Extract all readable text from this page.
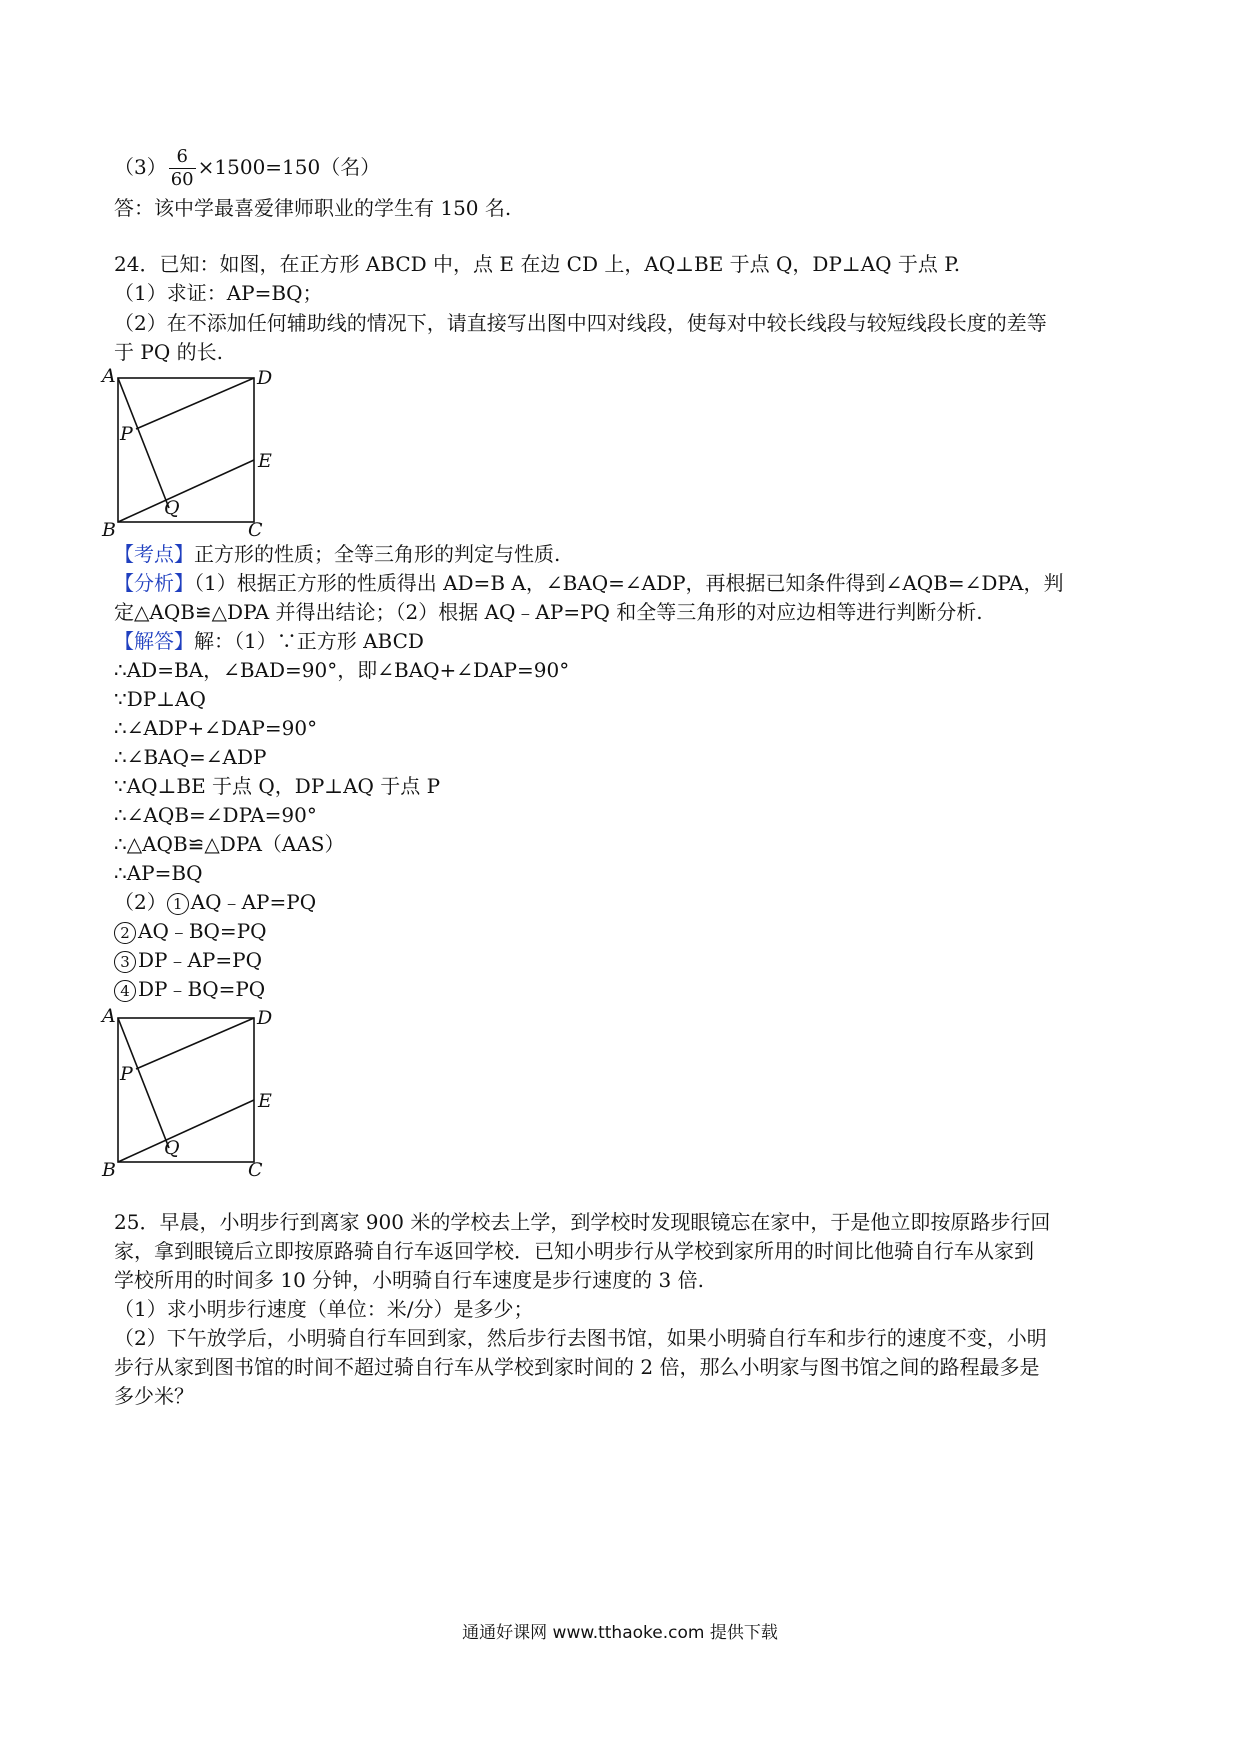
$(3) \frac{6}{60} \times 1500=150$（名）
答：该中学最喜爱律师职业的学生有 150 名.
24．已知：如图，在正方形 ABCD 中，点 E 在边 CD 上，AQ⊥BE 于点 Q，DP⊥AQ 于点 P.
（1）求证：AP=BQ；
（2）在不添加任何辅助线的情况下，请直接写出图中四对线段，使每对中较长线段与较短线段长度的差等
于 PQ 的长.
A	D
P
E
Q
B	C
【考点】正方形的性质；全等三角形的判定与性质.
【分析】（1）根据正方形的性质得出 AD=B A，∠BAQ=∠ADP，再根据已知条件得到∠AQB=∠DPA，判
定△AQB≌△DPA 并得出结论；（2）根据 AQ﹣AP=PQ 和全等三角形的对应边相等进行判断分析.
【解答】解：（1）∵正方形 ABCD
∴AD=BA，∠BAD=90°，即∠BAQ+∠DAP=90°
∵DP⊥AQ
∴∠ADP+∠DAP=90°
∴∠BAQ=∠ADP
∵AQ⊥BE 于点 Q，DP⊥AQ 于点 P
∴∠AQB=∠DPA=90°
∴△AQB≌△DPA（AAS）
∴AP=BQ
（2） 1 AQ﹣AP=PQ
2 AQ﹣BQ=PQ
3 DP﹣AP=PQ
4 DP﹣BQ=PQ
A	D
P
E
Q
B	C
25．早晨，小明步行到离家 900 米的学校去上学，到学校时发现眼镜忘在家中，于是他立即按原路步行回
家，拿到眼镜后立即按原路骑自行车返回学校．已知小明步行从学校到家所用的时间比他骑自行车从家到
学校所用的时间多 10 分钟，小明骑自行车速度是步行速度的 3 倍.
（1）求小明步行速度（单位：米/分）是多少；
（2）下午放学后，小明骑自行车回到家，然后步行去图书馆，如果小明骑自行车和步行的速度不变，小明
步行从家到图书馆的时间不超过骑自行车从学校到家时间的 2 倍，那么小明家与图书馆之间的路程最多是
多少米？
通通好课网 www.tthaoke.com 提供下载
